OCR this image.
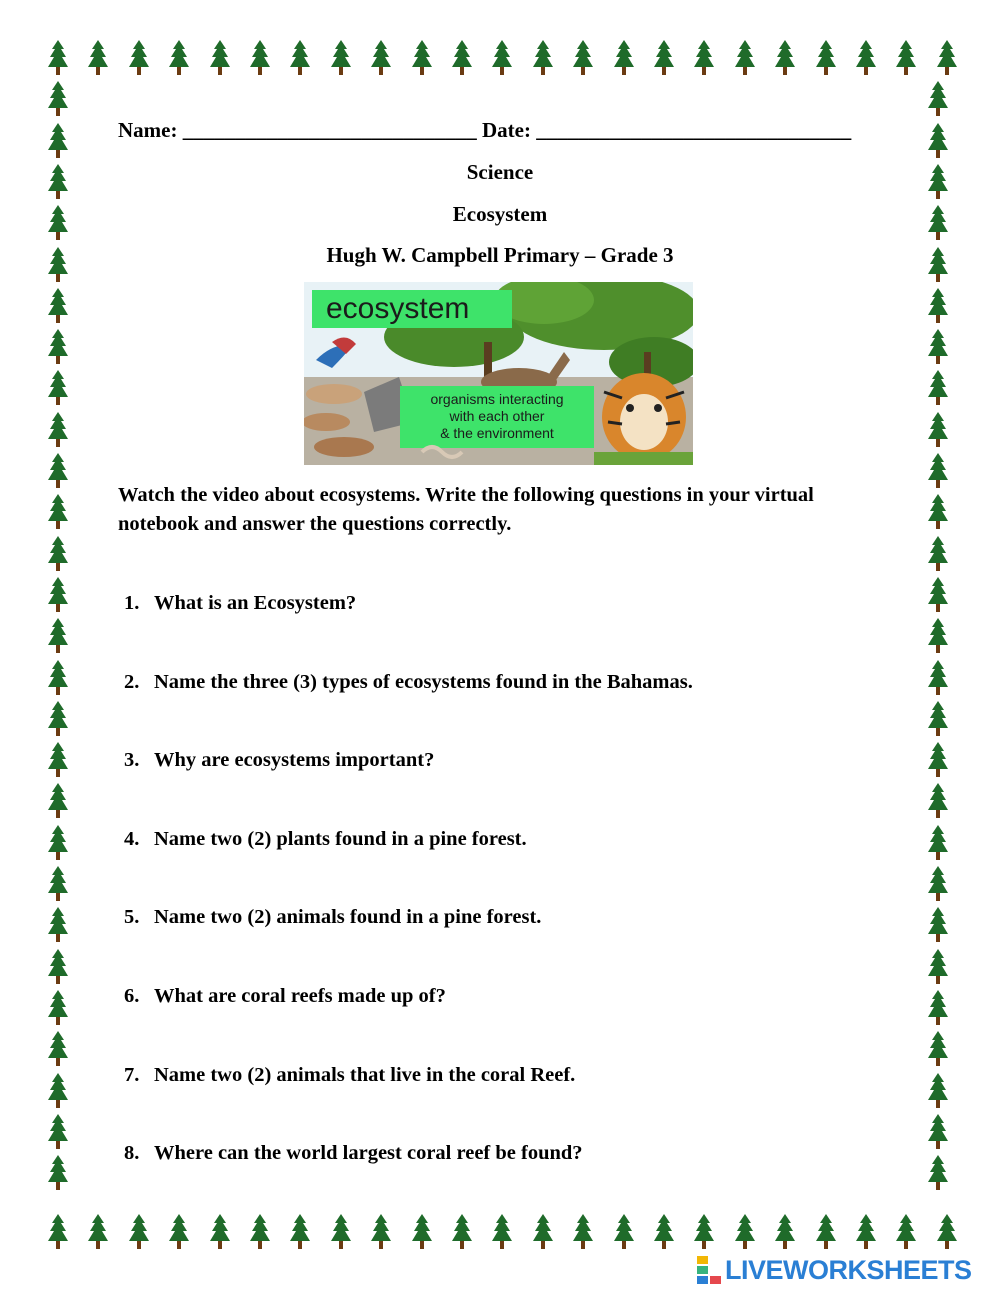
Name: ____________________________ Date: ______________________________
Science
Ecosystem
Hugh W. Campbell Primary – Grade 3
ecosystem
organisms interacting
with each other
& the environment
Watch the video about ecosystems. Write the following questions in your virtual notebook and answer the questions correctly.
1. What is an Ecosystem?
2. Name the three (3) types of ecosystems found in the Bahamas.
3. Why are ecosystems important?
4. Name two (2) plants found in a pine forest.
5. Name two (2) animals found in a pine forest.
6. What are coral reefs made up of?
7. Name two (2) animals that live in the coral Reef.
8. Where can the world largest coral reef be found?
LIVEWORKSHEETS
